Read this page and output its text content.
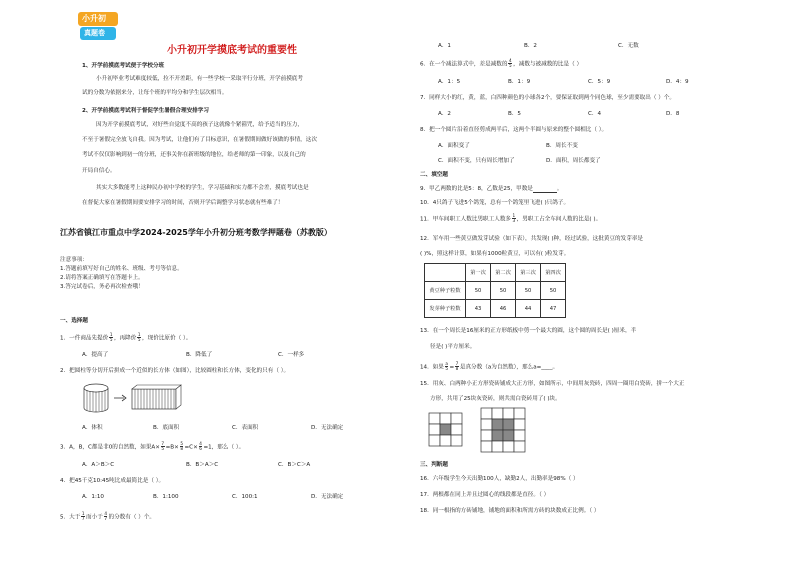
小升初
真题卷
小升初开学摸底考试的重要性
1、开学前摸底考试便于学校分班
小升初毕业考试难度较低，拉不开差距，有一些学校一采取平行分班，开学前摸底考
试的分数为依据来分，让每个班的平均分和学生层次相当。
2、开学前摸底考试利于督促学生暑假合理安排学习
因为开学前摸底考试，对好些自觉度不高的孩子这就像个紧箍咒，给予适当的压力，
不至于暑假完全放飞自我。因为考试，让他们有了目标意识，在暑假期间做好该做的事情，这次
考试不仅仅影响到初一的分班，还事关你在新班级的地位，给老师的第一印象，以及自己的
开局自信心。
其实大多数能考上这种民办初中学校的学生，学习基础和实力都不会差，摸底考试也是
在督促大家在暑假期间要安排学习的时间，否则开学后调整学习状态就有些难了！
江苏省镇江市重点中学2024-2025学年小升初分班考数学押题卷（苏教版）
注意事项：
1.答题前填写好自己的姓名、班级、考号等信息。
2.请将答案正确填写在答题卡上。
3.答完试卷后，务必再次检查哦！
一、选择题
1．一件商品先提价 $\frac{1}{5}$ ，再降价 $\frac{1}{5}$ ，现价比原价（ ）。
A．提高了	B．降低了	C．一样多
2．把圆柱等分切开后拼成一个近似的长方体（如图），比较圆柱和长方体，变化的只有（ ）。
A．体积	B．底面积	C．表面积	D．无法确定
3．A，B，C都是非0的自然数，如果$A\times \frac{7}{5} =B\times \frac{5}{8} =C\times \frac{4}{6} =1$，那么（ ）。
A．A＞B＞C	B．B＞A＞C	C．B＞C＞A
4．把45千克10:45吨比成最简比是（ ）。
A．1:10	B．1:100	C．100:1	D．无法确定
5．大于 $\frac{1}{7}$ 而小于 $\frac{4}{7}$ 的分数有（ ）个。
A．1	B．2	C．无数
6．在一个减法算式中，差是减数的 $\frac{4}{5}$ ，减数与被减数的比是（ ）
A．1：5	B．1：9	C．5：9	D．4：9
7．同样大小的红，黄，蓝，白四种颜色的小球各2个，要保证取到两个同色球，至少需要取出（ ）个。
A．2	B．5	C．4	D．8
8．把一个圆片沿着直径剪成两半后，这两个半圆与原来的整个圆相比（ ）。
A．面积变了	B．周长不变
C．面积不变，只有周长增加了	D．面积，周长都变了
二、填空题
9．甲乙两数的比是5：8，乙数是25，甲数是	。
10．4只鸽子飞进5个鸽笼，总有一个鸽笼里飞进( )只鸽子。
11．甲车间职工人数比男职工人数多 $\frac{1}{3}$ ，男职工占全车间人数的比是( )。
12．军车用一些黄豆做发芽试验（如下表），共发现( )种，经过试验，这批黄豆的发芽率是
( )%，照这样计算，如果有1000粒黄豆，可以有( )粒发芽。
	第一次	第二次	第三次	第四次
黄豆种子粒数	50	50	50	50
发芽种子粒数	43	46	44	47
13．在一个周长是16厘米的正方形纸板中剪一个最大的圆，这个圆的周长是( )厘米，半
径是( )平方厘米。
14．如果 $\frac{a}{5} = \frac{7}{8}$ 是真分数（a为自然数），那么a=____。
15．用灰、白两种小正方形瓷砖铺成大正方形，如图所示，中间用灰瓷砖，四周一圈用白瓷砖，拼一个大正
方形，共用了25块灰瓷砖，则共需白瓷砖用了( )块。
三、判断题
16．六年级学生今天出勤100人，缺勤2人，出勤率是98%（ ）
17．两根都在同上并且过圆心的线段都是直径。（ ）
18．同一根指的方砖铺地，铺地的面积和所需方砖的块数成正比例。（ ）
